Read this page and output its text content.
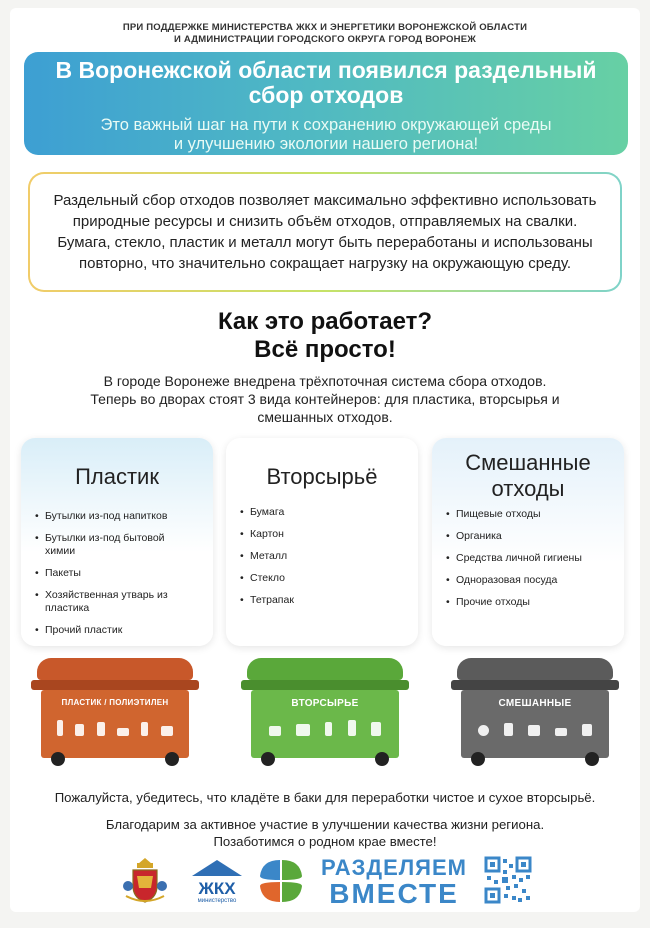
ПРИ ПОДДЕРЖКЕ МИНИСТЕРСТВА ЖКХ И ЭНЕРГЕТИКИ ВОРОНЕЖСКОЙ ОБЛАСТИ
И АДМИНИСТРАЦИИ ГОРОДСКОГО ОКРУГА ГОРОД ВОРОНЕЖ
В Воронежской области появился раздельный
сбор отходов
Это важный шаг на пути к сохранению окружающей среды
и улучшению экологии нашего региона!
Раздельный сбор отходов позволяет максимально эффективно использовать природные ресурсы и снизить объём отходов, отправляемых на свалки. Бумага, стекло, пластик и металл могут быть переработаны и использованы повторно, что значительно сокращает нагрузку на окружающую среду.
Как это работает?
Всё просто!
В городе Воронеже внедрена трёхпоточная система сбора отходов.
Теперь во дворах стоят 3 вида контейнеров: для пластика, вторсырья и
смешанных отходов.
Пластик
• Бутылки из-под напитков
• Бутылки из-под бытовой химии
• Пакеты
• Хозяйственная утварь из пластика
• Прочий пластик
Вторсырьё
• Бумага
• Картон
• Металл
• Стекло
• Тетрапак
Смешанные
отходы
• Пищевые отходы
• Органика
• Средства личной гигиены
• Одноразовая посуда
• Прочие отходы
ПЛАСТИК / ПОЛИЭТИЛЕН	ВТОРСЫРЬЕ	СМЕШАННЫЕ
Пожалуйста, убедитесь, что кладёте в баки для переработки чистое и сухое вторсырьё.
Благодарим за активное участие в улучшении качества жизни региона.
Позаботимся о родном крае вместе!
ЖКХ
министерство
РАЗДЕЛЯЕМ
ВМЕСТЕ
